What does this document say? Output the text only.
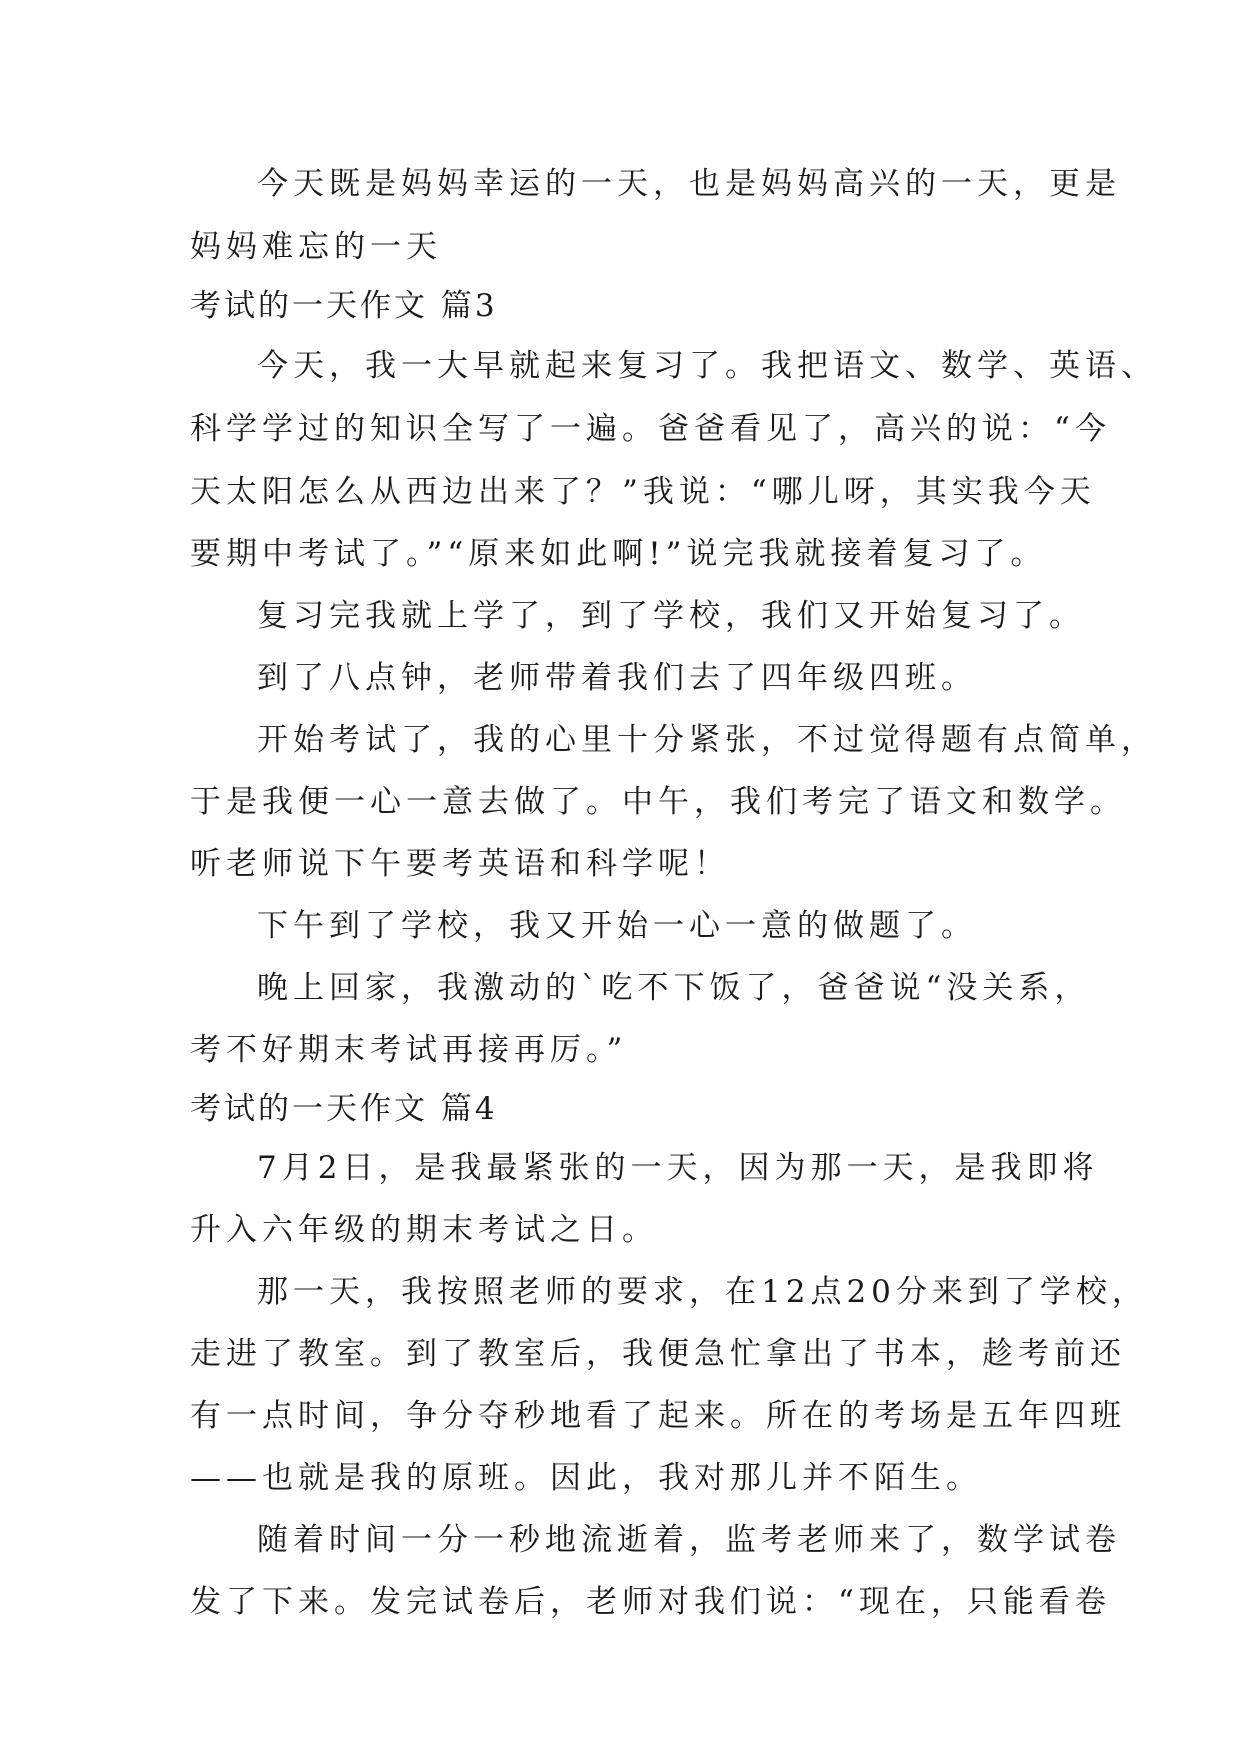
今天既是妈妈幸运的一天，也是妈妈高兴的一天，更是
妈妈难忘的一天
考试的一天作文 篇3
今天，我一大早就起来复习了。我把语文、数学、英语、
科学学过的知识全写了一遍。爸爸看见了，高兴的说：“今
天太阳怎么从西边出来了？”我说：“哪儿呀，其实我今天
要期中考试了。”“原来如此啊!”说完我就接着复习了。
复习完我就上学了，到了学校，我们又开始复习了。
到了八点钟，老师带着我们去了四年级四班。
开始考试了，我的心里十分紧张，不过觉得题有点简单，
于是我便一心一意去做了。中午，我们考完了语文和数学。
听老师说下午要考英语和科学呢！
下午到了学校，我又开始一心一意的做题了。
晚上回家，我激动的`吃不下饭了，爸爸说“没关系，
考不好期末考试再接再厉。”
考试的一天作文 篇4
7月2日，是我最紧张的一天，因为那一天，是我即将
升入六年级的期末考试之日。
那一天，我按照老师的要求，在12点20分来到了学校，
走进了教室。到了教室后，我便急忙拿出了书本，趁考前还
有一点时间，争分夺秒地看了起来。所在的考场是五年四班
——也就是我的原班。因此，我对那儿并不陌生。
随着时间一分一秒地流逝着，监考老师来了，数学试卷
发了下来。发完试卷后，老师对我们说：“现在，只能看卷
